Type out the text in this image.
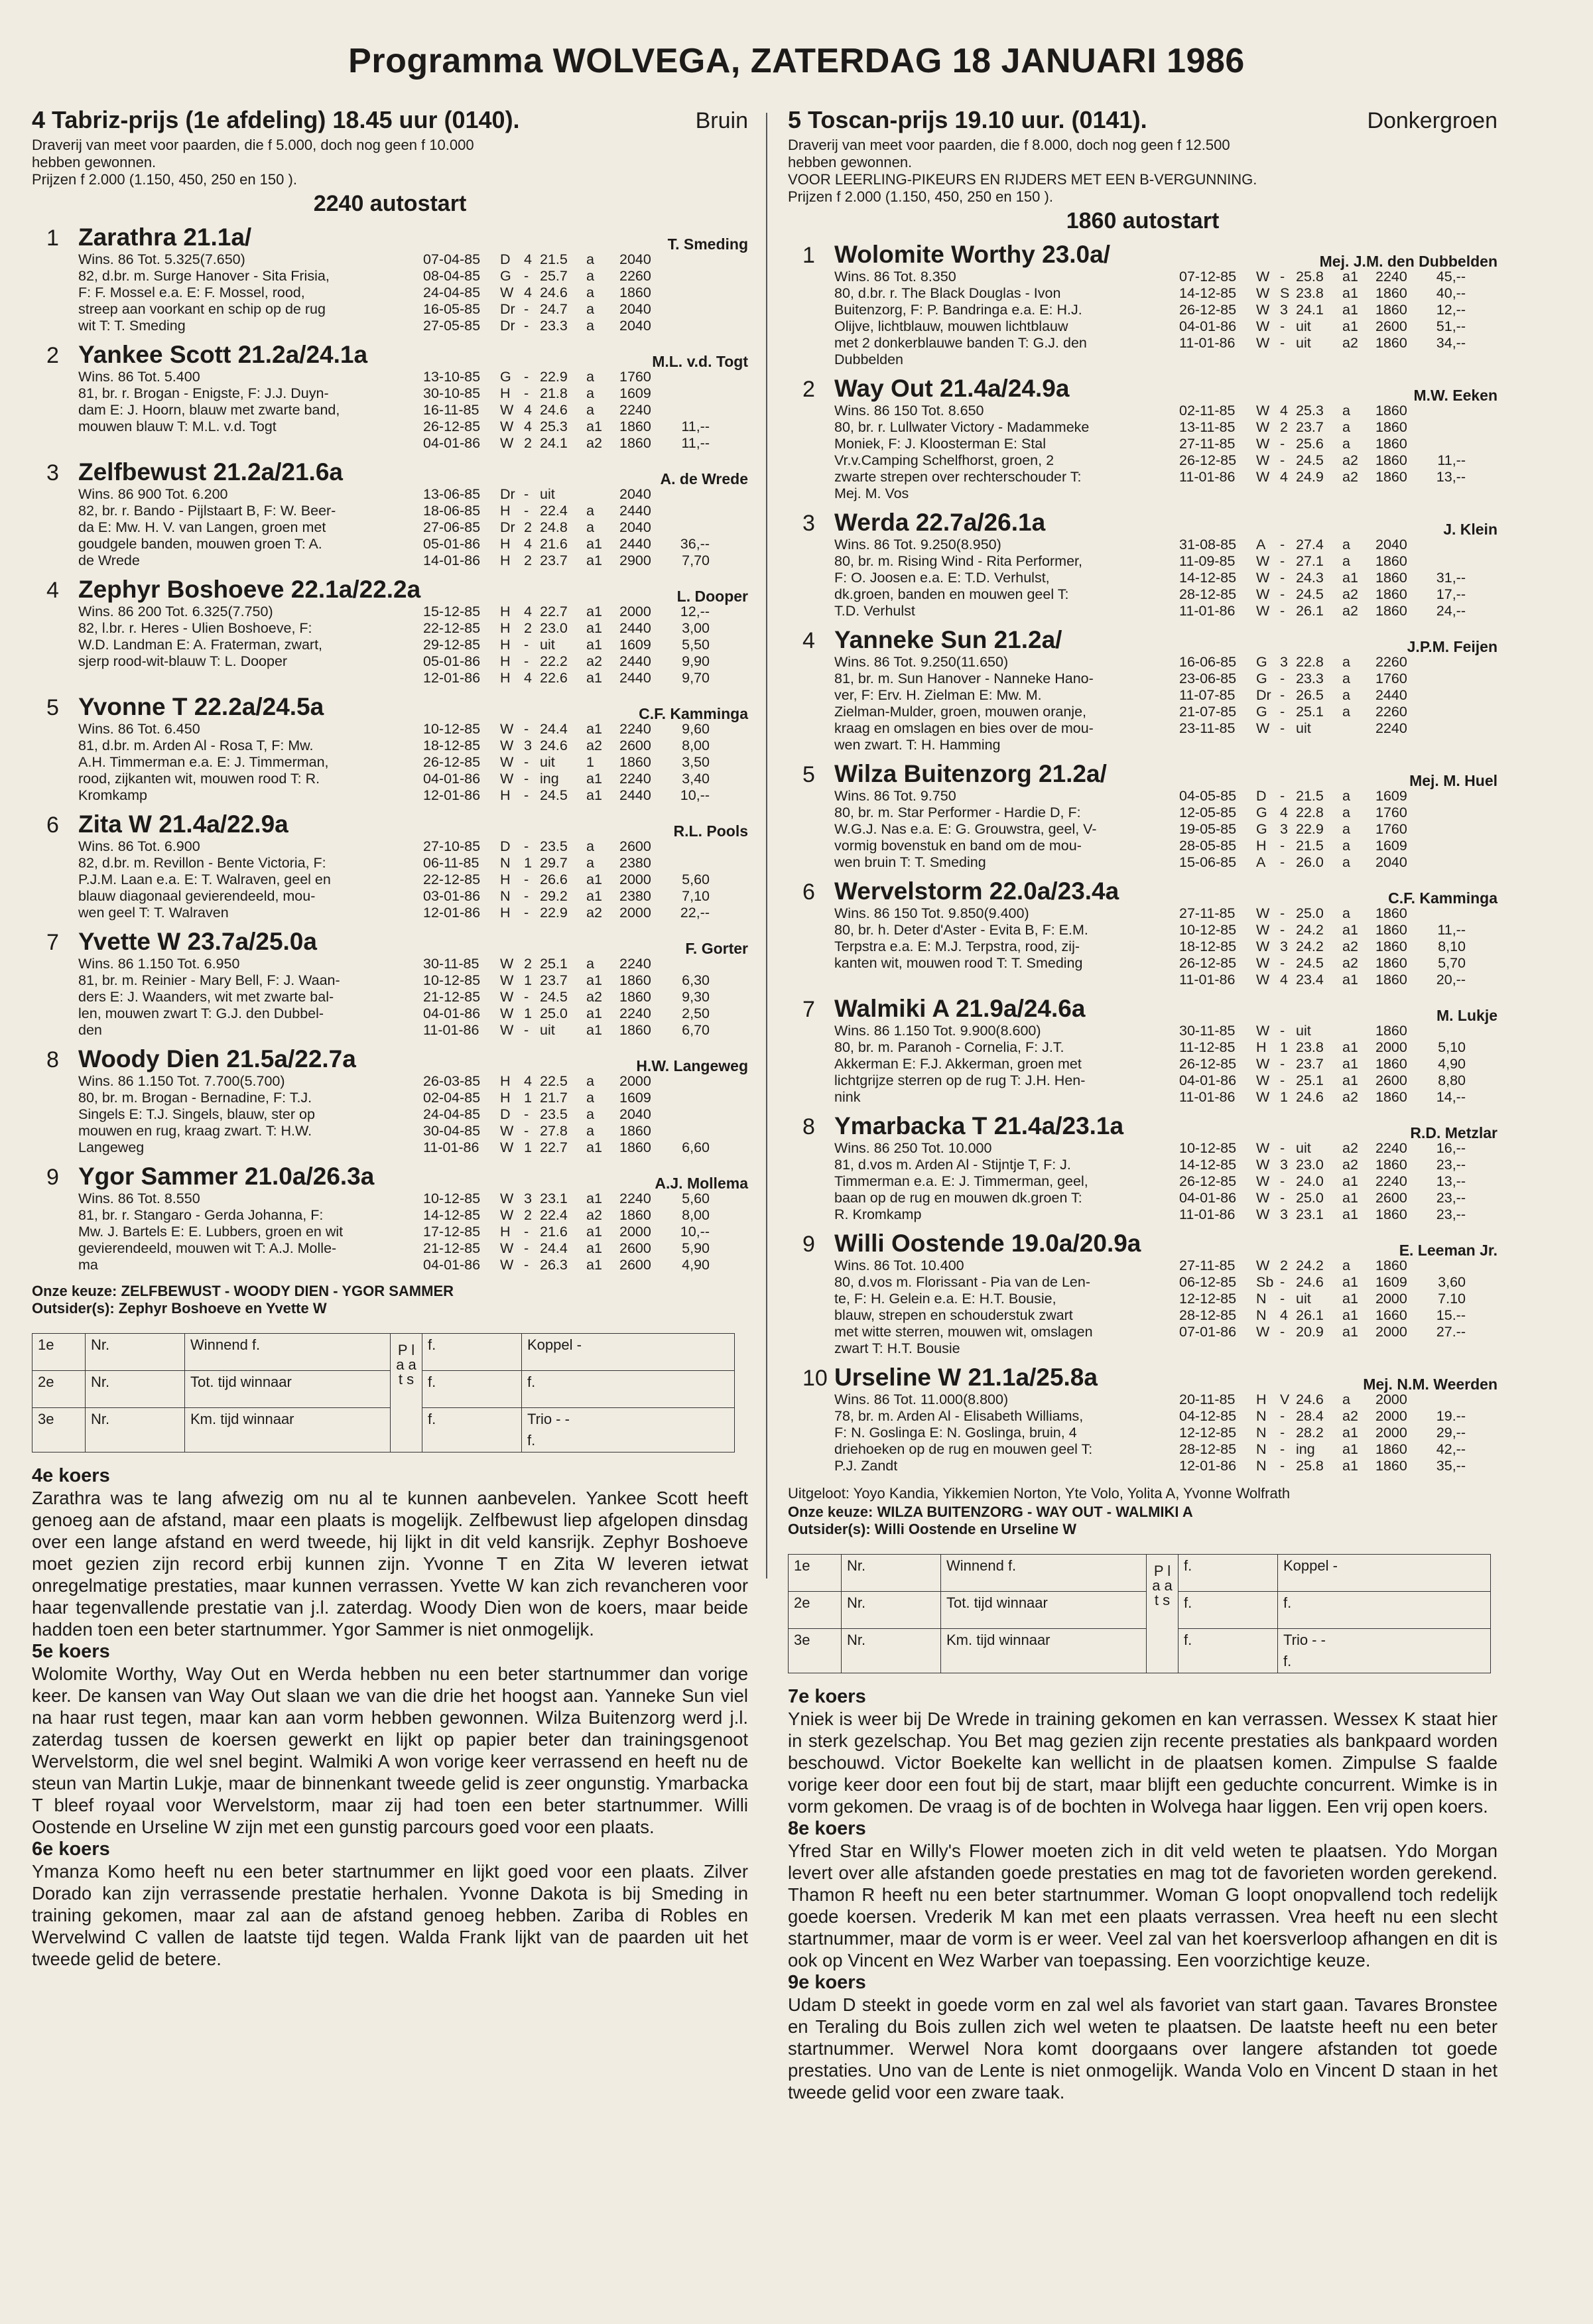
Programma WOLVEGA, ZATERDAG 18 JANUARI 1986
4 Tabriz-prijs (1e afdeling) 18.45 uur (0140).	Bruin
Draverij van meet voor paarden, die f 5.000, doch nog geen f 10.000
hebben gewonnen.
Prijzen f 2.000 (1.150, 450, 250 en 150 ).
2240 autostart
1 Zarathra 21.1a/
Wins. 86 Tot. 5.325(7.650)
82, d.br. m. Surge Hanover - Sita Frisia,
F: F. Mossel e.a. E: F. Mossel, rood,
streep aan voorkant en schip op de rug
wit T: T. Smeding
T. Smeding
07-04-85	D 4 21.5	a	2040
08-04-85	G - 25.7	a	2260
24-04-85	W 4 24.6	a	1860
16-05-85	Dr - 24.7	a	2040
27-05-85	Dr - 23.3	a	2040
2 Yankee Scott 21.2a/24.1a
Wins. 86 Tot. 5.400
81, br. r. Brogan - Enigste, F: J.J. Duyn-
dam E: J. Hoorn, blauw met zwarte band,
mouwen blauw T: M.L. v.d. Togt
M.L. v.d. Togt
13-10-85	G - 22.9	a	1760
30-10-85	H - 21.8	a	1609
16-11-85	W 4 24.6	a	2240
26-12-85	W 4 25.3	a1	1860	11,--
04-01-86	W 2 24.1	a2	1860	11,--
3 Zelfbewust 21.2a/21.6a
Wins. 86 900 Tot. 6.200
82, br. r. Bando - Pijlstaart B, F: W. Beer-
da E: Mw. H. V. van Langen, groen met
goudgele banden, mouwen groen T: A.
de Wrede
A. de Wrede
13-06-85	Dr - uit	2040
18-06-85	H - 22.4	a	2440
27-06-85	Dr 2 24.8	a	2040
05-01-86	H 4 21.6	a1	2440	36,--
14-01-86	H 2 23.7	a1	2900	7,70
4 Zephyr Boshoeve 22.1a/22.2a
Wins. 86 200 Tot. 6.325(7.750)
82, l.br. r. Heres - Ulien Boshoeve, F:
W.D. Landman E: A. Fraterman, zwart,
sjerp rood-wit-blauw T: L. Dooper
L. Dooper
15-12-85	H 4 22.7	a1	2000	12,--
22-12-85	H 2 23.0	a1	2440	3,00
29-12-85	H - uit	a1	1609	5,50
05-01-86	H - 22.2	a2	2440	9,90
12-01-86	H 4 22.6	a1	2440	9,70
5 Yvonne T 22.2a/24.5a
Wins. 86 Tot. 6.450
81, d.br. m. Arden Al - Rosa T, F: Mw.
A.H. Timmerman e.a. E: J. Timmerman,
rood, zijkanten wit, mouwen rood T: R.
Kromkamp
C.F. Kamminga
10-12-85	W - 24.4	a1	2240	9,60
18-12-85	W 3 24.6	a2	2600	8,00
26-12-85	W - uit	1	1860	3,50
04-01-86	W - ing	a1	2240	3,40
12-01-86	H - 24.5	a1	2440	10,--
6 Zita W 21.4a/22.9a
Wins. 86 Tot. 6.900
82, d.br. m. Revillon - Bente Victoria, F:
P.J.M. Laan e.a. E: T. Walraven, geel en
blauw diagonaal gevierendeeld, mou-
wen geel T: T. Walraven
R.L. Pools
27-10-85	D - 23.5	a	2600
06-11-85	N 1 29.7	a	2380
22-12-85	H - 26.6	a1	2000	5,60
03-01-86	N - 29.2	a1	2380	7,10
12-01-86	H - 22.9	a2	2000	22,--
7 Yvette W 23.7a/25.0a
Wins. 86 1.150 Tot. 6.950
81, br. m. Reinier - Mary Bell, F: J. Waan-
ders E: J. Waanders, wit met zwarte bal-
len, mouwen zwart T: G.J. den Dubbel-
den
F. Gorter
30-11-85	W 2 25.1	a	2240
10-12-85	W 1 23.7	a1	1860	6,30
21-12-85	W - 24.5	a2	1860	9,30
04-01-86	W 1 25.0	a1	2240	2,50
11-01-86	W - uit	a1	1860	6,70
8 Woody Dien 21.5a/22.7a
Wins. 86 1.150 Tot. 7.700(5.700)
80, br. m. Brogan - Bernadine, F: T.J.
Singels E: T.J. Singels, blauw, ster op
mouwen en rug, kraag zwart. T: H.W.
Langeweg
H.W. Langeweg
26-03-85	H 4 22.5	a	2000
02-04-85	H 1 21.7	a	1609
24-04-85	D - 23.5	a	2040
30-04-85	W - 27.8	a	1860
11-01-86	W 1 22.7	a1	1860	6,60
9 Ygor Sammer 21.0a/26.3a
Wins. 86 Tot. 8.550
81, br. r. Stangaro - Gerda Johanna, F:
Mw. J. Bartels E: E. Lubbers, groen en wit
gevierendeeld, mouwen wit T: A.J. Molle-
ma
A.J. Mollema
10-12-85	W 3 23.1	a1	2240	5,60
14-12-85	W 2 22.4	a2	1860	8,00
17-12-85	H - 21.6	a1	2000	10,--
21-12-85	W - 24.4	a1	2600	5,90
04-01-86	W - 26.3	a1	2600	4,90
Onze keuze: ZELFBEWUST - WOODY DIEN - YGOR SAMMER
Outsider(s): Zephyr Boshoeve en Yvette W
1e	Nr.	Winnend f.	P l a a t s	f.	Koppel -
2e	Nr.	Tot. tijd winnaar		f.	f.
3e	Nr.	Km. tijd winnaar		f.	Trio - -
f.
4e koers
Zarathra was te lang afwezig om nu al te kunnen aanbevelen. Yankee Scott heeft genoeg aan de afstand, maar een plaats is mogelijk. Zelfbewust liep afgelopen dinsdag over een lange afstand en werd tweede, hij lijkt in dit veld kansrijk. Zephyr Boshoeve moet gezien zijn record erbij kunnen zijn. Yvonne T en Zita W leveren ietwat onregelmatige prestaties, maar kunnen verrassen. Yvette W kan zich revancheren voor haar tegenvallende prestatie van j.l. zaterdag. Woody Dien won de koers, maar beide hadden toen een beter startnummer. Ygor Sammer is niet onmogelijk.
5e koers
Wolomite Worthy, Way Out en Werda hebben nu een beter startnummer dan vorige keer. De kansen van Way Out slaan we van die drie het hoogst aan. Yanneke Sun viel na haar rust tegen, maar kan aan vorm hebben gewonnen. Wilza Buitenzorg werd j.l. zaterdag tussen de koersen gewerkt en lijkt op papier beter dan trainingsgenoot Wervelstorm, die wel snel begint. Walmiki A won vorige keer verrassend en heeft nu de steun van Martin Lukje, maar de binnenkant tweede gelid is zeer ongunstig. Ymarbacka T bleef royaal voor Wervelstorm, maar zij had toen een beter startnummer. Willi Oostende en Urseline W zijn met een gunstig parcours goed voor een plaats.
6e koers
Ymanza Komo heeft nu een beter startnummer en lijkt goed voor een plaats. Zilver Dorado kan zijn verrassende prestatie herhalen. Yvonne Dakota is bij Smeding in training gekomen, maar zal aan de afstand genoeg hebben. Zariba di Robles en Wervelwind C vallen de laatste tijd tegen. Walda Frank lijkt van de paarden uit het tweede gelid de betere.
5 Toscan-prijs 19.10 uur. (0141).	Donkergroen
Draverij van meet voor paarden, die f 8.000, doch nog geen f 12.500
hebben gewonnen.
VOOR LEERLING-PIKEURS EN RIJDERS MET EEN B-VERGUNNING.
Prijzen f 2.000 (1.150, 450, 250 en 150 ).
1860 autostart
1 Wolomite Worthy 23.0a/
Wins. 86 Tot. 8.350
80, d.br. r. The Black Douglas - Ivon
Buitenzorg, F: P. Bandringa e.a. E: H.J.
Olijve, lichtblauw, mouwen lichtblauw
met 2 donkerblauwe banden T: G.J. den
Dubbelden
Mej. J.M. den Dubbelden
07-12-85	W - 25.8	a1	2240	45,--
14-12-85	W S 23.8	a1	1860	40,--
26-12-85	W 3 24.1	a1	1860	12,--
04-01-86	W - uit	a1	2600	51,--
11-01-86	W - uit	a2	1860	34,--
2 Way Out 21.4a/24.9a
Wins. 86 150 Tot. 8.650
80, br. r. Lullwater Victory - Madammeke
Moniek, F: J. Kloosterman E: Stal
Vr.v.Camping Schelfhorst, groen, 2
zwarte strepen over rechterschouder T:
Mej. M. Vos
M.W. Eeken
02-11-85	W 4 25.3	a	1860
13-11-85	W 2 23.7	a	1860
27-11-85	W - 25.6	a	1860
26-12-85	W - 24.5	a2	1860	11,--
11-01-86	W 4 24.9	a2	1860	13,--
3 Werda 22.7a/26.1a
Wins. 86 Tot. 9.250(8.950)
80, br. m. Rising Wind - Rita Performer,
F: O. Joosen e.a. E: T.D. Verhulst,
dk.groen, banden en mouwen geel T:
T.D. Verhulst
J. Klein
31-08-85	A	- 27.4	a	2040
11-09-85	W - 27.1	a	1860
14-12-85	W - 24.3	a1	1860	31,--
28-12-85	W - 24.5	a2	1860	17,--
11-01-86	W - 26.1	a2	1860	24,--
4 Yanneke Sun 21.2a/
Wins. 86 Tot. 9.250(11.650)
81, br. m. Sun Hanover - Nanneke Hano-
ver, F: Erv. H. Zielman E: Mw. M.
Zielman-Mulder, groen, mouwen oranje,
kraag en omslagen en bies over de mou-
wen zwart. T: H. Hamming
J.P.M. Feijen
16-06-85	G 3 22.8	a	2260
23-06-85	G - 23.3	a	1760
11-07-85	Dr - 26.5	a	2440
21-07-85	G - 25.1	a	2260
23-11-85	W - uit	2240
5 Wilza Buitenzorg 21.2a/
Wins. 86 Tot. 9.750
80, br. m. Star Performer - Hardie D, F:
W.G.J. Nas e.a. E: G. Grouwstra, geel, V-
vormig bovenstuk en band om de mou-
wen bruin T: T. Smeding
Mej. M. Huel
04-05-85	D - 21.5	a	1609
12-05-85	G 4 22.8	a	1760
19-05-85	G 3 22.9	a	1760
28-05-85	H - 21.5	a	1609
15-06-85	A	- 26.0	a	2040
6 Wervelstorm 22.0a/23.4a
Wins. 86 150 Tot. 9.850(9.400)
80, br. h. Deter d'Aster - Evita B, F: E.M.
Terpstra e.a. E: M.J. Terpstra, rood, zij-
kanten wit, mouwen rood T: T. Smeding
C.F. Kamminga
27-11-85	W - 25.0	a	1860
10-12-85	W - 24.2	a1	1860	11,--
18-12-85	W 3 24.2	a2	1860	8,10
26-12-85	W - 24.5	a2	1860	5,70
11-01-86	W 4 23.4	a1	1860	20,--
7 Walmiki A 21.9a/24.6a
Wins. 86 1.150 Tot. 9.900(8.600)
80, br. m. Paranoh - Cornelia, F: J.T.
Akkerman E: F.J. Akkerman, groen met
lichtgrijze sterren op de rug T: J.H. Hen-
nink
M. Lukje
30-11-85	W - uit	1860
11-12-85	H 1 23.8	a1	2000	5,10
26-12-85	W - 23.7	a1	1860	4,90
04-01-86	W - 25.1	a1	2600	8,80
11-01-86	W 1 24.6	a2	1860	14,--
8 Ymarbacka T 21.4a/23.1a
Wins. 86 250 Tot. 10.000
81, d.vos m. Arden Al - Stijntje T, F: J.
Timmerman e.a. E: J. Timmerman, geel,
baan op de rug en mouwen dk.groen T:
R. Kromkamp
R.D. Metzlar
10-12-85	W - uit	a2	2240	16,--
14-12-85	W 3 23.0	a2	1860	23,--
26-12-85	W - 24.0	a1	2240	13,--
04-01-86	W - 25.0	a1	2600	23,--
11-01-86	W 3 23.1	a1	1860	23,--
9 Willi Oostende 19.0a/20.9a
Wins. 86 Tot. 10.400
80, d.vos m. Florissant - Pia van de Len-
te, F: H. Gelein e.a. E: H.T. Bousie,
blauw, strepen en schouderstuk zwart
met witte sterren, mouwen wit, omslagen
zwart T: H.T. Bousie
E. Leeman Jr.
27-11-85	W 2 24.2	a	1860
06-12-85	Sb - 24.6	a1	1609	3,60
12-12-85	N - uit	a1	2000	7.10
28-12-85	N 4 26.1	a1	1660	15.--
07-01-86	W - 20.9	a1	2000	27.--
10 Urseline W 21.1a/25.8a
Wins. 86 Tot. 11.000(8.800)
78, br. m. Arden Al - Elisabeth Williams,
F: N. Goslinga E: N. Goslinga, bruin, 4
driehoeken op de rug en mouwen geel T:
P.J. Zandt
Mej. N.M. Weerden
20-11-85	H V 24.6	a	2000
04-12-85	N - 28.4	a2	2000	19.--
12-12-85	N - 28.2	a1	2000	29,--
28-12-85	N - ing	a1	1860	42,--
12-01-86	N - 25.8	a1	1860	35,--
Uitgeloot: Yoyo Kandia, Yikkemien Norton, Yte Volo, Yolita A, Yvonne Wolfrath
Onze keuze: WILZA BUITENZORG - WAY OUT - WALMIKI A
Outsider(s): Willi Oostende en Urseline W
1e	Nr.	Winnend f.	P l a a t s	f.	Koppel -
2e	Nr.	Tot. tijd winnaar		f.	f.
3e	Nr.	Km. tijd winnaar		f.	Trio - -
f.
7e koers
Yniek is weer bij De Wrede in training gekomen en kan verrassen. Wessex K staat hier in sterk gezelschap. You Bet mag gezien zijn recente prestaties als bankpaard worden beschouwd. Victor Boekelte kan wellicht in de plaatsen komen. Zimpulse S faalde vorige keer door een fout bij de start, maar blijft een geduchte concurrent. Wimke is in vorm gekomen. De vraag is of de bochten in Wolvega haar liggen. Een vrij open koers.
8e koers
Yfred Star en Willy's Flower moeten zich in dit veld weten te plaatsen. Ydo Morgan levert over alle afstanden goede prestaties en mag tot de favorieten worden gerekend. Thamon R heeft nu een beter startnummer. Woman G loopt onopvallend toch redelijk goede koersen. Vrederik M kan met een plaats verrassen. Vrea heeft nu een slecht startnummer, maar de vorm is er weer. Veel zal van het koersverloop afhangen en dit is ook op Vincent en Wez Warber van toepassing. Een voorzichtige keuze.
9e koers
Udam D steekt in goede vorm en zal wel als favoriet van start gaan. Tavares Bronstee en Teraling du Bois zullen zich wel weten te plaatsen. De laatste heeft nu een beter startnummer. Werwel Nora komt doorgaans over langere afstanden tot goede prestaties. Uno van de Lente is niet onmogelijk. Wanda Volo en Vincent D staan in het tweede gelid voor een zware taak.
